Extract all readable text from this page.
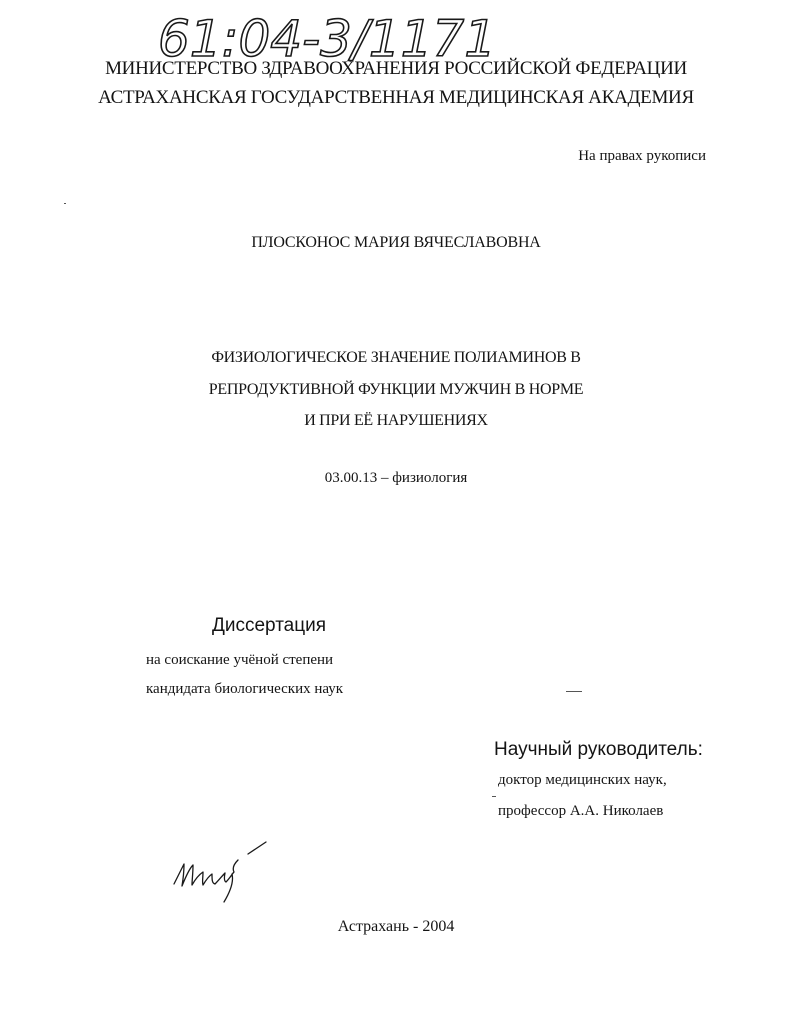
61:04-3/1171
МИНИСТЕРСТВО ЗДРАВООХРАНЕНИЯ РОССИЙСКОЙ ФЕДЕРАЦИИ
АСТРАХАНСКАЯ ГОСУДАРСТВЕННАЯ МЕДИЦИНСКАЯ АКАДЕМИЯ
На правах рукописи
ПЛОСКОНОС МАРИЯ ВЯЧЕСЛАВОВНА
ФИЗИОЛОГИЧЕСКОЕ ЗНАЧЕНИЕ ПОЛИАМИНОВ В
РЕПРОДУКТИВНОЙ ФУНКЦИИ МУЖЧИН В НОРМЕ
И ПРИ ЕЁ НАРУШЕНИЯХ
03.00.13 – физиология
Диссертация
на соискание учёной степени
кандидата биологических наук
Научный руководитель:
доктор медицинских наук,
профессор А.А. Николаев
Астрахань - 2004
